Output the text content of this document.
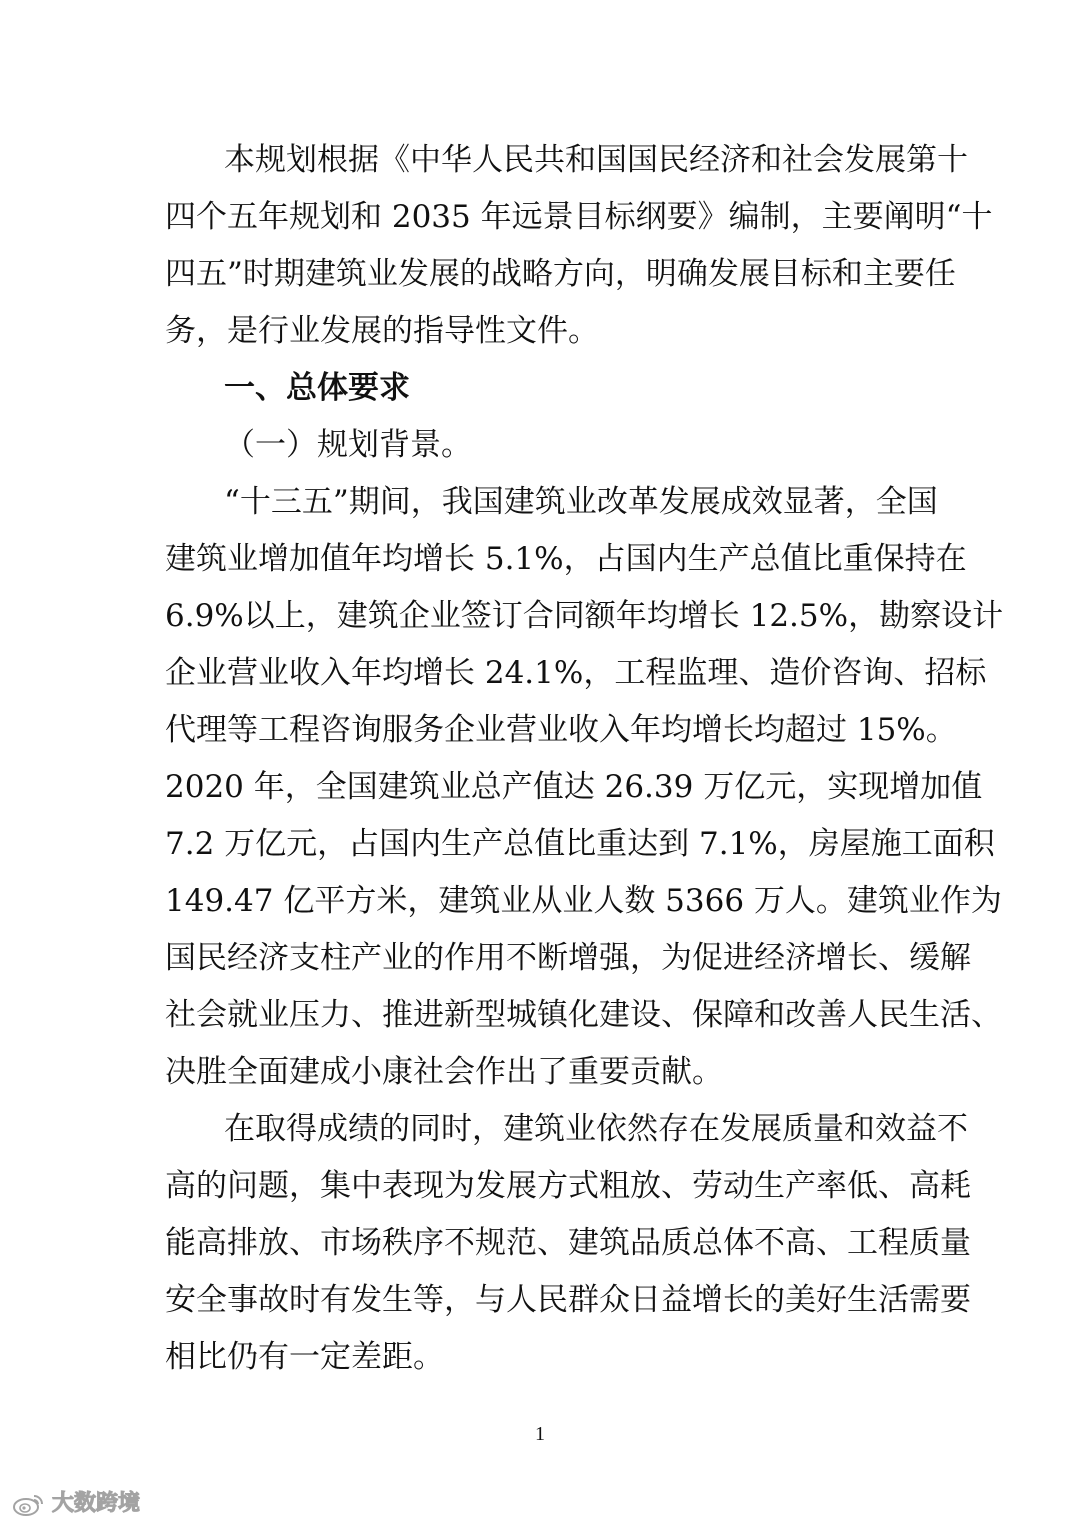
本规划根据《中华人民共和国国民经济和社会发展第十
四个五年规划和 2035 年远景目标纲要》编制，主要阐明“十
四五”时期建筑业发展的战略方向，明确发展目标和主要任
务，是行业发展的指导性文件。
一、总体要求
（一）规划背景。
“十三五”期间，我国建筑业改革发展成效显著，全国
建筑业增加值年均增长 5.1%，占国内生产总值比重保持在
6.9%以上，建筑企业签订合同额年均增长 12.5%，勘察设计
企业营业收入年均增长 24.1%，工程监理、造价咨询、招标
代理等工程咨询服务企业营业收入年均增长均超过 15%。
2020 年，全国建筑业总产值达 26.39 万亿元，实现增加值
7.2 万亿元，占国内生产总值比重达到 7.1%，房屋施工面积
149.47 亿平方米，建筑业从业人数 5366 万人。建筑业作为
国民经济支柱产业的作用不断增强，为促进经济增长、缓解
社会就业压力、推进新型城镇化建设、保障和改善人民生活、
决胜全面建成小康社会作出了重要贡献。
在取得成绩的同时，建筑业依然存在发展质量和效益不
高的问题，集中表现为发展方式粗放、劳动生产率低、高耗
能高排放、市场秩序不规范、建筑品质总体不高、工程质量
安全事故时有发生等，与人民群众日益增长的美好生活需要
相比仍有一定差距。
1
大数跨境
